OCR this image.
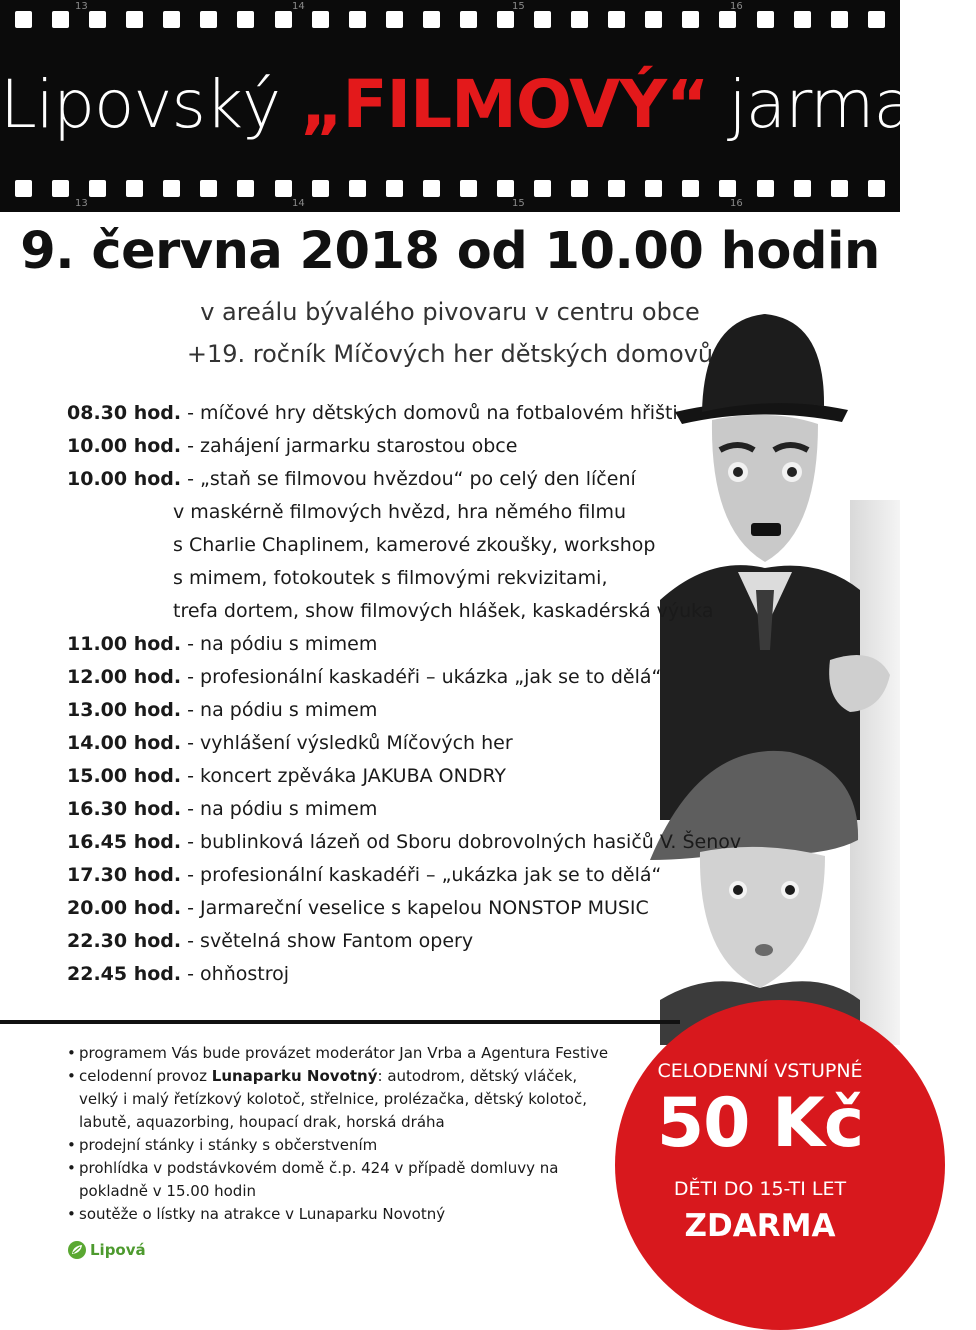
13	14	15	16
Lipovský „FILMOVÝ“ jarmark
13	14	15	16
9. června 2018 od 10.00 hodin
v areálu bývalého pivovaru v centru obce
+19. ročník Míčových her dětských domovů
08.30 hod. - míčové hry dětských domovů na fotbalovém hřišti
10.00 hod. - zahájení jarmarku starostou obce
10.00 hod. - „staň se filmovou hvězdou“ po celý den líčení
v maskérně filmových hvězd, hra němého filmu
s Charlie Chaplinem, kamerové zkoušky, workshop
s mimem, fotokoutek s filmovými rekvizitami,
trefa dortem, show filmových hlášek, kaskadérská výuka
11.00 hod. - na pódiu s mimem
12.00 hod. - profesionální kaskadéři – ukázka „jak se to dělá“
13.00 hod. - na pódiu s mimem
14.00 hod. - vyhlášení výsledků Míčových her
15.00 hod. - koncert zpěváka JAKUBA ONDRY
16.30 hod. - na pódiu s mimem
16.45 hod. - bublinková lázeň od Sboru dobrovolných hasičů V. Šenov
17.30 hod. - profesionální kaskadéři – „ukázka jak se to dělá“
20.00 hod. - Jarmareční veselice s kapelou NONSTOP MUSIC
22.30 hod. - světelná show Fantom opery
22.45 hod. - ohňostroj
• programem Vás bude provázet moderátor Jan Vrba a Agentura Festive
• celodenní provoz Lunaparku Novotný: autodrom, dětský vláček,
velký i malý řetízkový kolotoč, střelnice, prolézačka, dětský kolotoč,
labutě, aquazorbing, houpací drak, horská dráha
• prodejní stánky i stánky s občerstvením
• prohlídka v podstávkovém domě č.p. 424 v případě domluvy na
pokladně v 15.00 hodin
• soutěže o lístky na atrakce v Lunaparku Novotný
Lipová
CELODENNÍ VSTUPNÉ
50 Kč
DĚTI DO 15-TI LET
ZDARMA
